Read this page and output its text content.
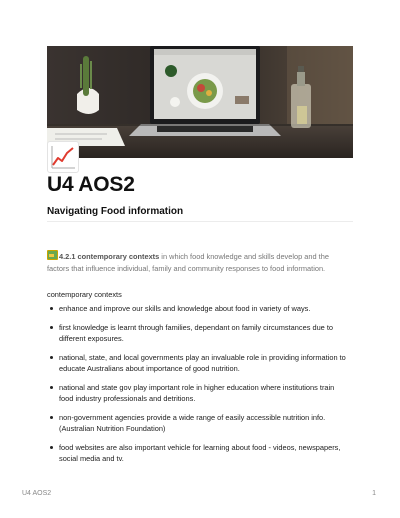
U4 AOS2
Navigating Food information
4.2.1 contemporary contexts in which food knowledge and skills develop and the factors that influence individual, family and community responses to food information.
contemporary contexts
enhance and improve our skills and knowledge about food in variety of ways.
first knowledge is learnt through families, dependant on family circumstances due to different exposures.
national, state, and local governments play an invaluable role in providing information to educate Australians about importance of good nutrition.
national and state gov play important role in higher education where institutions train food industry professionals and detritions.
non-government agencies provide a wide range of easily accessible nutrition info. (Australian Nutrition Foundation)
food websites are also important vehicle for learning about food - videos, newspapers, social media and tv.
U4 AOS2	1
